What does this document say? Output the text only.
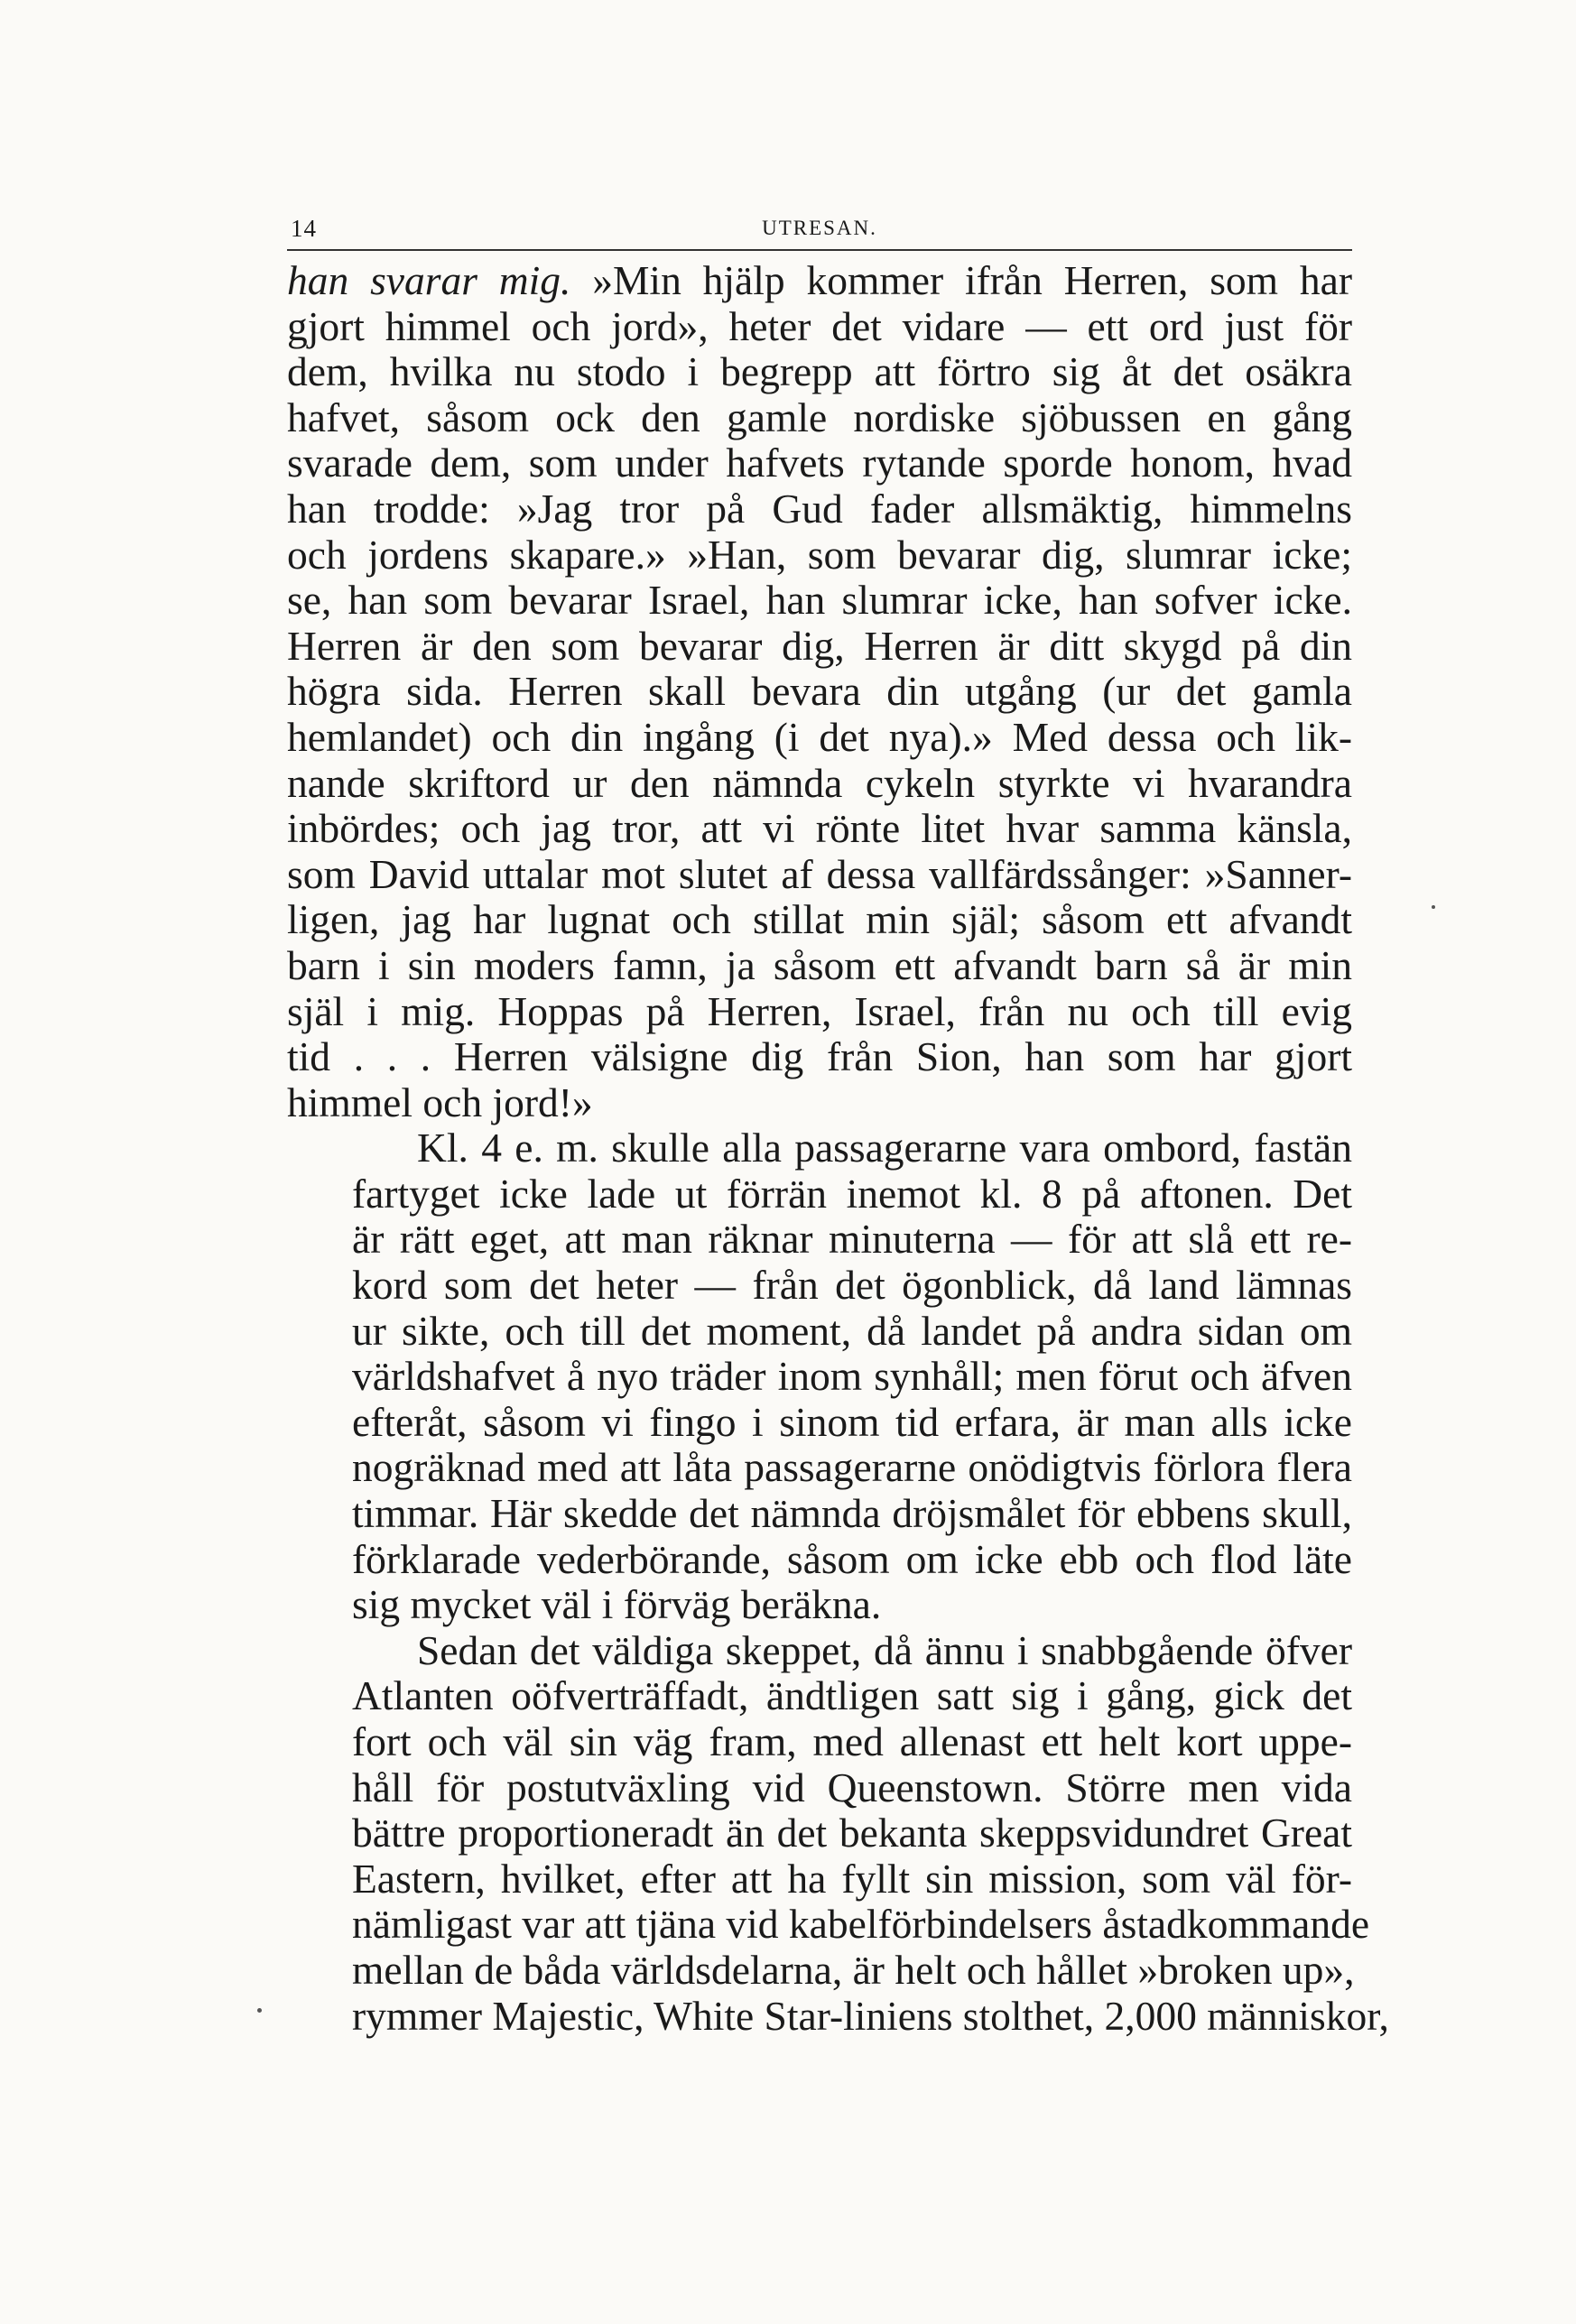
14	UTRESAN.

han svarar mig. »Min hjälp kommer ifrån Herren, som har
gjort himmel och jord», heter det vidare — ett ord just för
dem, hvilka nu stodo i begrepp att förtro sig åt det osäkra
hafvet, såsom ock den gamle nordiske sjöbussen en gång
svarade dem, som under hafvets rytande sporde honom, hvad
han trodde: »Jag tror på Gud fader allsmäktig, himmelns
och jordens skapare.» »Han, som bevarar dig, slumrar icke;
se, han som bevarar Israel, han slumrar icke, han sofver icke.
Herren är den som bevarar dig, Herren är ditt skygd på din
högra sida. Herren skall bevara din utgång (ur det gamla
hemlandet) och din ingång (i det nya).» Med dessa och lik-
nande skriftord ur den nämnda cykeln styrkte vi hvarandra
inbördes; och jag tror, att vi rönte litet hvar samma känsla,
som David uttalar mot slutet af dessa vallfärdssånger: »Sanner-
ligen, jag har lugnat och stillat min själ; såsom ett afvandt
barn i sin moders famn, ja såsom ett afvandt barn så är min
själ i mig. Hoppas på Herren, Israel, från nu och till evig
tid . . . Herren välsigne dig från Sion, han som har gjort
himmel och jord!»

Kl. 4 e. m. skulle alla passagerarne vara ombord, fastän
fartyget icke lade ut förrän inemot kl. 8 på aftonen. Det
är rätt eget, att man räknar minuterna — för att slå ett re-
kord som det heter — från det ögonblick, då land lämnas
ur sikte, och till det moment, då landet på andra sidan om
världshafvet å nyo träder inom synhåll; men förut och äfven
efteråt, såsom vi fingo i sinom tid erfara, är man alls icke
nogräknad med att låta passagerarne onödigtvis förlora flera
timmar. Här skedde det nämnda dröjsmålet för ebbens skull,
förklarade vederbörande, såsom om icke ebb och flod läte
sig mycket väl i förväg beräkna.

Sedan det väldiga skeppet, då ännu i snabbgående öfver
Atlanten oöfverträffadt, ändtligen satt sig i gång, gick det
fort och väl sin väg fram, med allenast ett helt kort uppe-
håll för postutväxling vid Queenstown. Större men vida
bättre proportioneradt än det bekanta skeppsvidundret Great
Eastern, hvilket, efter att ha fyllt sin mission, som väl för-
nämligast var att tjäna vid kabelförbindelsers åstadkommande
mellan de båda världsdelarna, är helt och hållet »broken up»,
rymmer Majestic, White Star-liniens stolthet, 2,000 människor,
